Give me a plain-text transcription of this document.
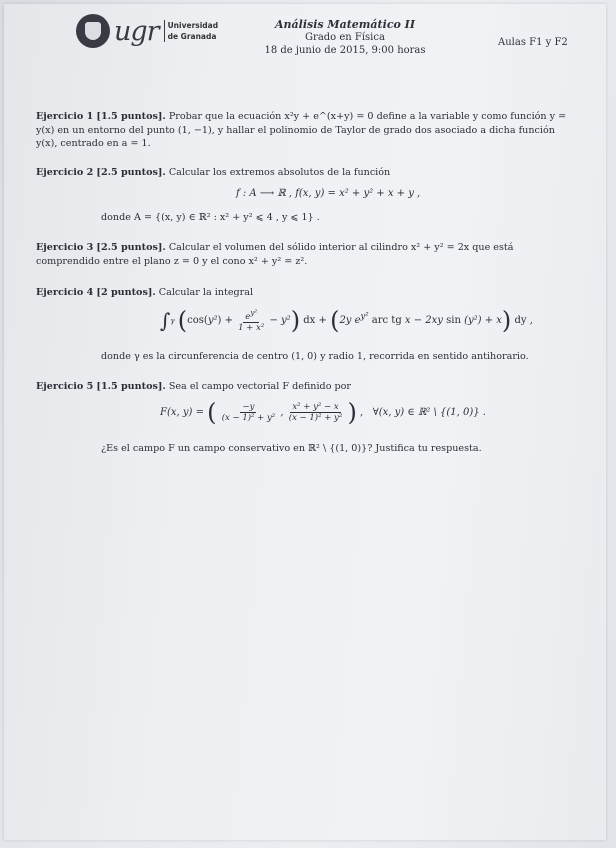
ugr Universidad
de Granada
Análisis Matemático II
Grado en Física
18 de junio de 2015, 9:00 horas
Aulas F1 y F2
Ejercicio 1 [1.5 puntos]. Probar que la ecuación x²y + e^(x+y) = 0 define a la variable y como función y = y(x) en un entorno del punto (1, −1), y hallar el polinomio de Taylor de grado dos asociado a dicha función y(x), centrado en a = 1.
Ejercicio 2 [2.5 puntos]. Calcular los extremos absolutos de la función
f : A ⟶ ℝ , f(x, y) = x² + y² + x + y ,
donde A = {(x, y) ∈ ℝ² : x² + y² ⩽ 4 , y ⩽ 1} .
Ejercicio 3 [2.5 puntos]. Calcular el volumen del sólido interior al cilindro x² + y² = 2x que está comprendido entre el plano z = 0 y el cono x² + y² = z².
Ejercicio 4 [2 puntos]. Calcular la integral
∫γ $(\cos(y^2) + \frac{e^{y^2}}{\text{1 + x²}} - y^2)$ dx + (2y $e^{y^2}$ arc tg x − 2xy sin (y²) + x) dy ,
donde γ es la circunferencia de centro (1, 0) y radio 1, recorrida en sentido antihorario.
Ejercicio 5 [1.5 puntos]. Sea el campo vectorial F definido por
F(x, y) = ( $\frac{-y}{\text{(x − 1)² + y²}}$ , $\frac{\text{x² + y² − x}}{\text{(x − 1)² + y²}}$ ) ,   ∀(x, y) ∈ ℝ² \ {(1, 0)} .
¿Es el campo F un campo conservativo en ℝ² \ {(1, 0)}? Justifica tu respuesta.
